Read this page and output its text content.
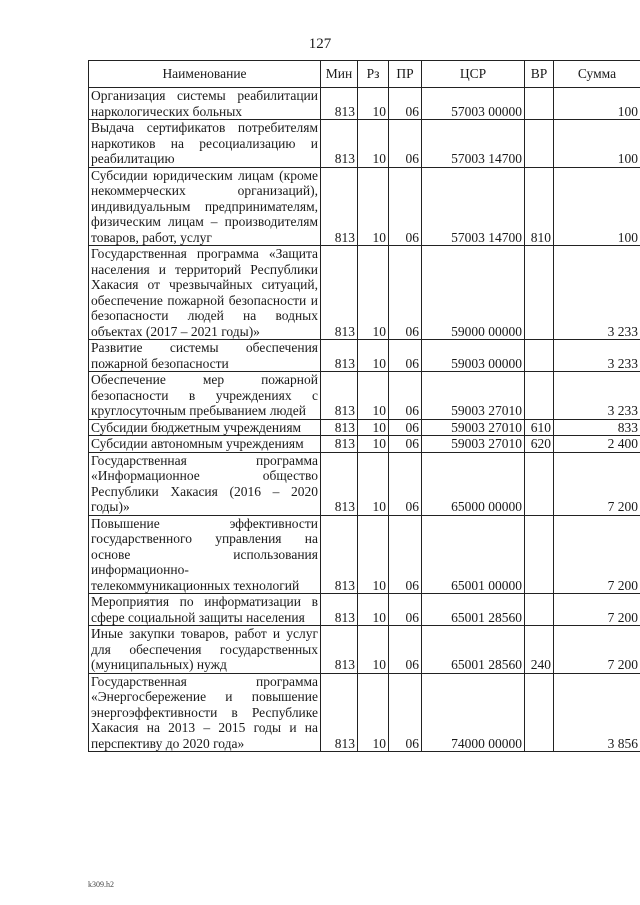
127
Наименование	Мин	Рз	ПР	ЦСР	ВР	Сумма
Организация системы реабилитации наркологических больных	813	10	06	57003 00000		100
Выдача сертификатов потребителям наркотиков на ресоциализацию и реабилитацию	813	10	06	57003 14700		100
Субсидии юридическим лицам (кроме некоммерческих организаций), индивидуальным предпринимателям, физическим лицам – производителям товаров, работ, услуг	813	10	06	57003 14700	810	100
Государственная программа «Защита населения и территорий Республики Хакасия от чрезвычайных ситуаций, обеспечение пожарной безопасности и безопасности людей на водных объектах (2017 – 2021 годы)»	813	10	06	59000 00000		3 233
Развитие системы обеспечения пожарной безопасности	813	10	06	59003 00000		3 233
Обеспечение мер пожарной безопасности в учреждениях с круглосуточным пребыванием людей	813	10	06	59003 27010		3 233
Субсидии бюджетным учреждениям	813	10	06	59003 27010	610	833
Субсидии автономным учреждениям	813	10	06	59003 27010	620	2 400
Государственная программа «Информационное общество Республики Хакасия (2016 – 2020 годы)»	813	10	06	65000 00000		7 200
Повышение эффективности государственного управления на основе использования информационно-телекоммуникационных технологий	813	10	06	65001 00000		7 200
Мероприятия по информатизации в сфере социальной защиты населения	813	10	06	65001 28560		7 200
Иные закупки товаров, работ и услуг для обеспечения государственных (муниципальных) нужд	813	10	06	65001 28560	240	7 200
Государственная программа «Энергосбережение и повышение энергоэффективности в Республике Хакасия на 2013 – 2015 годы и на перспективу до 2020 года»	813	10	06	74000 00000		3 856
k309.h2
